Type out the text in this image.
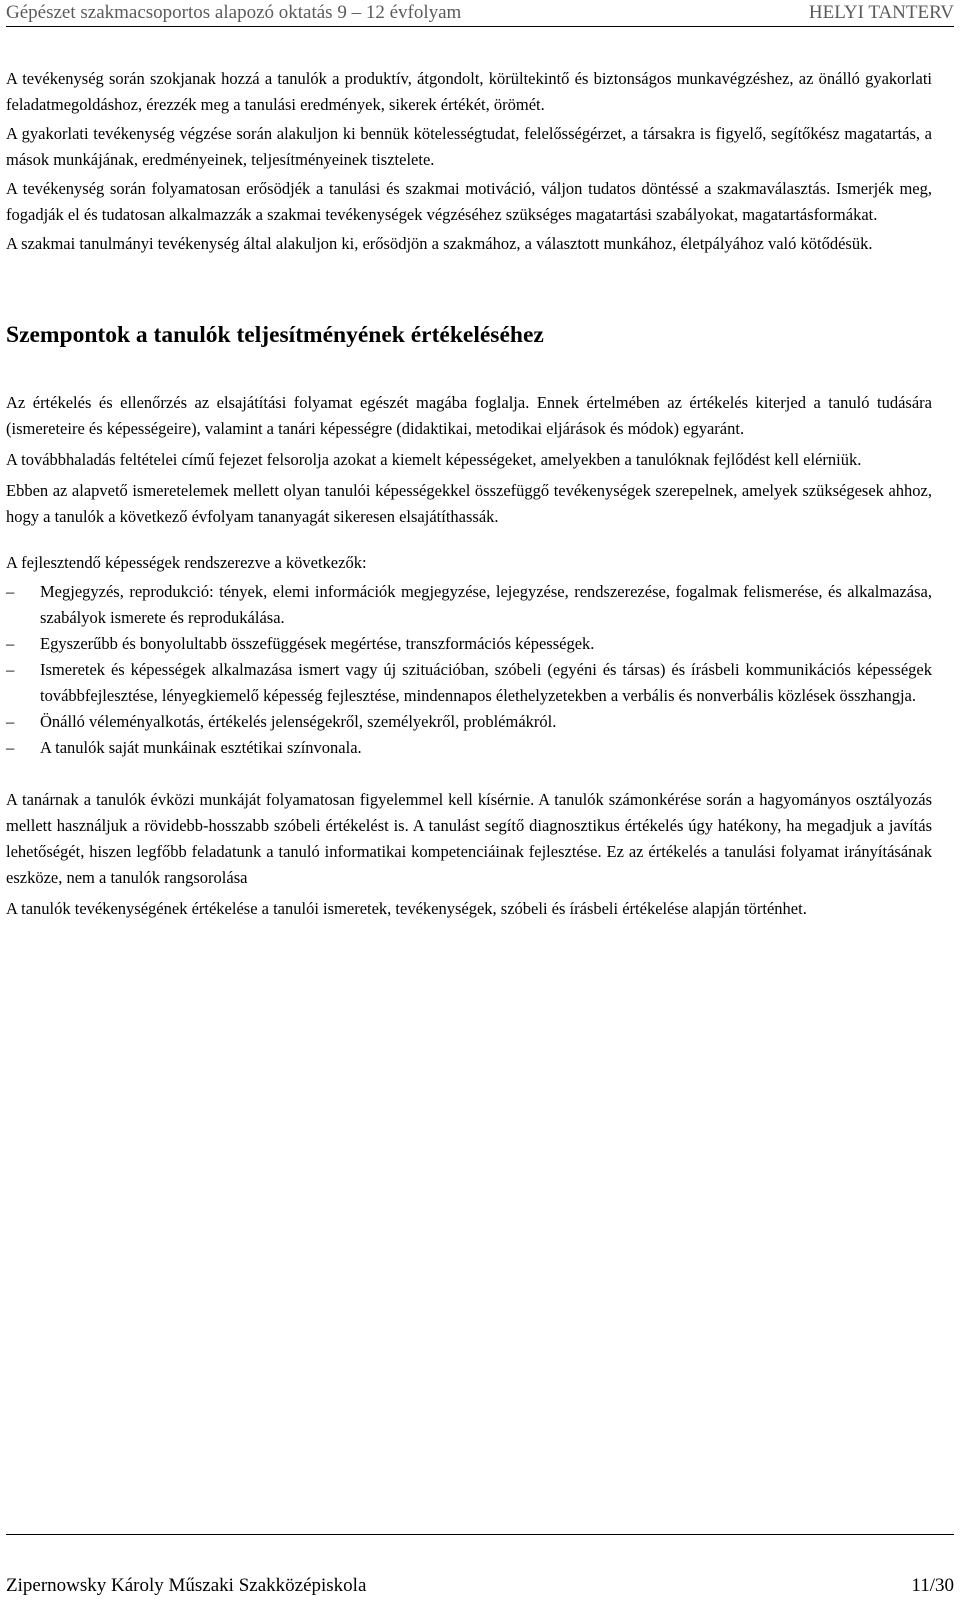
Gépészet szakmacsoportos alapozó oktatás 9 – 12 évfolyam	HELYI TANTERV

A tevékenység során szokjanak hozzá a tanulók a produktív, átgondolt, körültekintő és biztonságos munkavégzéshez, az önálló gyakorlati feladatmegoldáshoz, érezzék meg a tanulási eredmények, sikerek értékét, örömét.

A gyakorlati tevékenység végzése során alakuljon ki bennük kötelességtudat, felelősségérzet, a társakra is figyelő, segítőkész magatartás, a mások munkájának, eredményeinek, teljesítményeinek tisztelete.

A tevékenység során folyamatosan erősödjék a tanulási és szakmai motiváció, váljon tudatos döntéssé a szakmaválasztás. Ismerjék meg, fogadják el és tudatosan alkalmazzák a szakmai tevékenységek végzéséhez szükséges magatartási szabályokat, magatartásformákat.

A szakmai tanulmányi tevékenység által alakuljon ki, erősödjön a szakmához, a választott munkához, életpályához való kötődésük.

Szempontok a tanulók teljesítményének értékeléséhez

Az értékelés és ellenőrzés az elsajátítási folyamat egészét magába foglalja. Ennek értelmében az értékelés kiterjed a tanuló tudására (ismereteire és képességeire), valamint a tanári képességre (didaktikai, metodikai eljárások és módok) egyaránt.

A továbbhaladás feltételei című fejezet felsorolja azokat a kiemelt képességeket, amelyekben a tanulóknak fejlődést kell elérniük.

Ebben az alapvető ismeretelemek mellett olyan tanulói képességekkel összefüggő tevékenységek szerepelnek, amelyek szükségesek ahhoz, hogy a tanulók a következő évfolyam tananyagát sikeresen elsajátíthassák.

A fejlesztendő képességek rendszerezve a következők:

–	Megjegyzés, reprodukció: tények, elemi információk megjegyzése, lejegyzése, rendszerezése, fogalmak felismerése, és alkalmazása, szabályok ismerete és reprodukálása.
–	Egyszerűbb és bonyolultabb összefüggések megértése, transzformációs képességek.
–	Ismeretek és képességek alkalmazása ismert vagy új szituációban, szóbeli (egyéni és társas) és írásbeli kommunikációs képességek továbbfejlesztése, lényegkiemelő képesség fejlesztése, mindennapos élethelyzetekben a verbális és nonverbális közlések összhangja.
–	Önálló véleményalkotás, értékelés jelenségekről, személyekről, problémákról.
–	A tanulók saját munkáinak esztétikai színvonala.

A tanárnak a tanulók évközi munkáját folyamatosan figyelemmel kell kísérnie. A tanulók számonkérése során a hagyományos osztályozás mellett használjuk a rövidebb-hosszabb szóbeli értékelést is. A tanulást segítő diagnosztikus értékelés úgy hatékony, ha megadjuk a javítás lehetőségét, hiszen legfőbb feladatunk a tanuló informatikai kompetenciáinak fejlesztése. Ez az értékelés a tanulási folyamat irányításának eszköze, nem a tanulók rangsorolása

A tanulók tevékenységének értékelése a tanulói ismeretek, tevékenységek, szóbeli és írásbeli értékelése alapján történhet.

Zipernowsky Károly Műszaki Szakközépiskola	11/30
